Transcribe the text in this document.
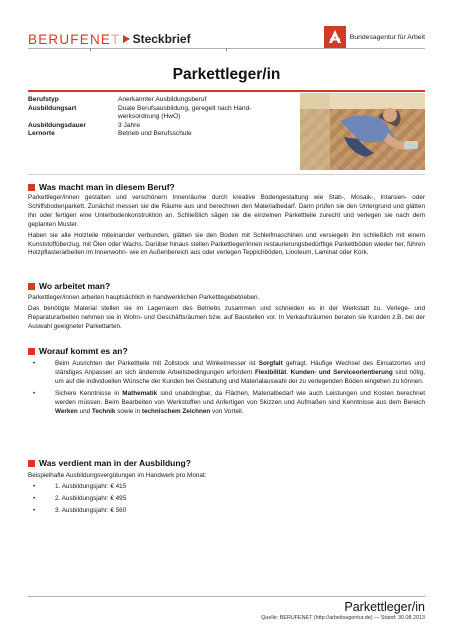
BERUFENE T Steckbrief	Bundesagentur für Arbeit
Parkettleger/in
Berufstyp	Anerkannter Ausbildungsberuf
Ausbildungsart	Duale Berufsausbildung, geregelt nach Hand-
werksordnung (HwO)
Ausbildungsdauer	3 Jahre
Lernorte	Betrieb und Berufsschule
Was macht man in diesem Beruf?

Parkettleger/innen gestalten und verschönern Innenräume durch kreative Bodengestaltung wie Stab-, Mosaik-, Intarsien- oder Schiffsbodenparkett. Zunächst messen sie die Räume aus und berechnen den Materialbedarf. Dann prüfen sie den Untergrund und glätten ihn oder fertigen eine Unterbodenkonstruktion an. Schließlich sägen sie die einzelnen Parkettteile zurecht und verlegen sie nach dem geplanten Muster.

Haben sie alle Holzteile miteinander verbunden, glätten sie den Boden mit Schleifmaschinen und versiegeln ihn schließlich mit einem Kunststoffüberzug, mit Ölen oder Wachs. Darüber hinaus stellen Parkettleger/innen restaurierungsbedürftige Parkettböden wieder her, führen Holzpflasterarbeiten im Innenwohn- wie im Außenbereich aus oder verlegen Teppichböden, Linoleum, Laminat oder Kork.

Wo arbeitet man?

Parkettleger/innen arbeiten hauptsächlich in handwerklichen Parkettlegebetrieben.

Das benötigte Material stellen sie im Lagerraum des Betriebs zusammen und schneiden es in der Werkstatt zu. Verlege- und Reparaturarbeiten nehmen sie in Wohn- und Geschäftsräumen bzw. auf Baustellen vor. In Verkaufsräumen beraten sie Kunden z.B. bei der Auswahl geeigneter Parkettarten.

Worauf kommt es an?
•	Beim Ausrichten der Parkettteile mit Zollstock und Winkelmesser ist Sorgfalt gefragt. Häufige Wechsel des Einsatzortes und ständiges Anpassen an sich ändernde Arbeitsbedingungen erfordern Flexibilität. Kunden- und Serviceorientierung sind nötig, um auf die individuellen Wünsche der Kunden bei Gestaltung und Materialauswahl der zu verlegenden Böden eingehen zu können.
•	Sichere Kenntnisse in Mathematik sind unabdingbar, da Flächen, Materialbedarf wie auch Leistungen und Kosten berechnet werden müssen. Beim Bearbeiten von Werkstoffen und Anfertigen von Skizzen und Aufmaßen sind Kenntnisse aus dem Bereich Werken und Technik sowie in technischem Zeichnen von Vorteil.
Was verdient man in der Ausbildung?

Beispielhafte Ausbildungsvergütungen im Handwerk pro Monat:

•	1. Ausbildungsjahr: € 415
•	2. Ausbildungsjahr: € 495
•	3. Ausbildungsjahr: € 560
Parkettleger/in
Quelle: BERUFENET (http://arbeitsagentur.de) — Stand: 30.08.2013
